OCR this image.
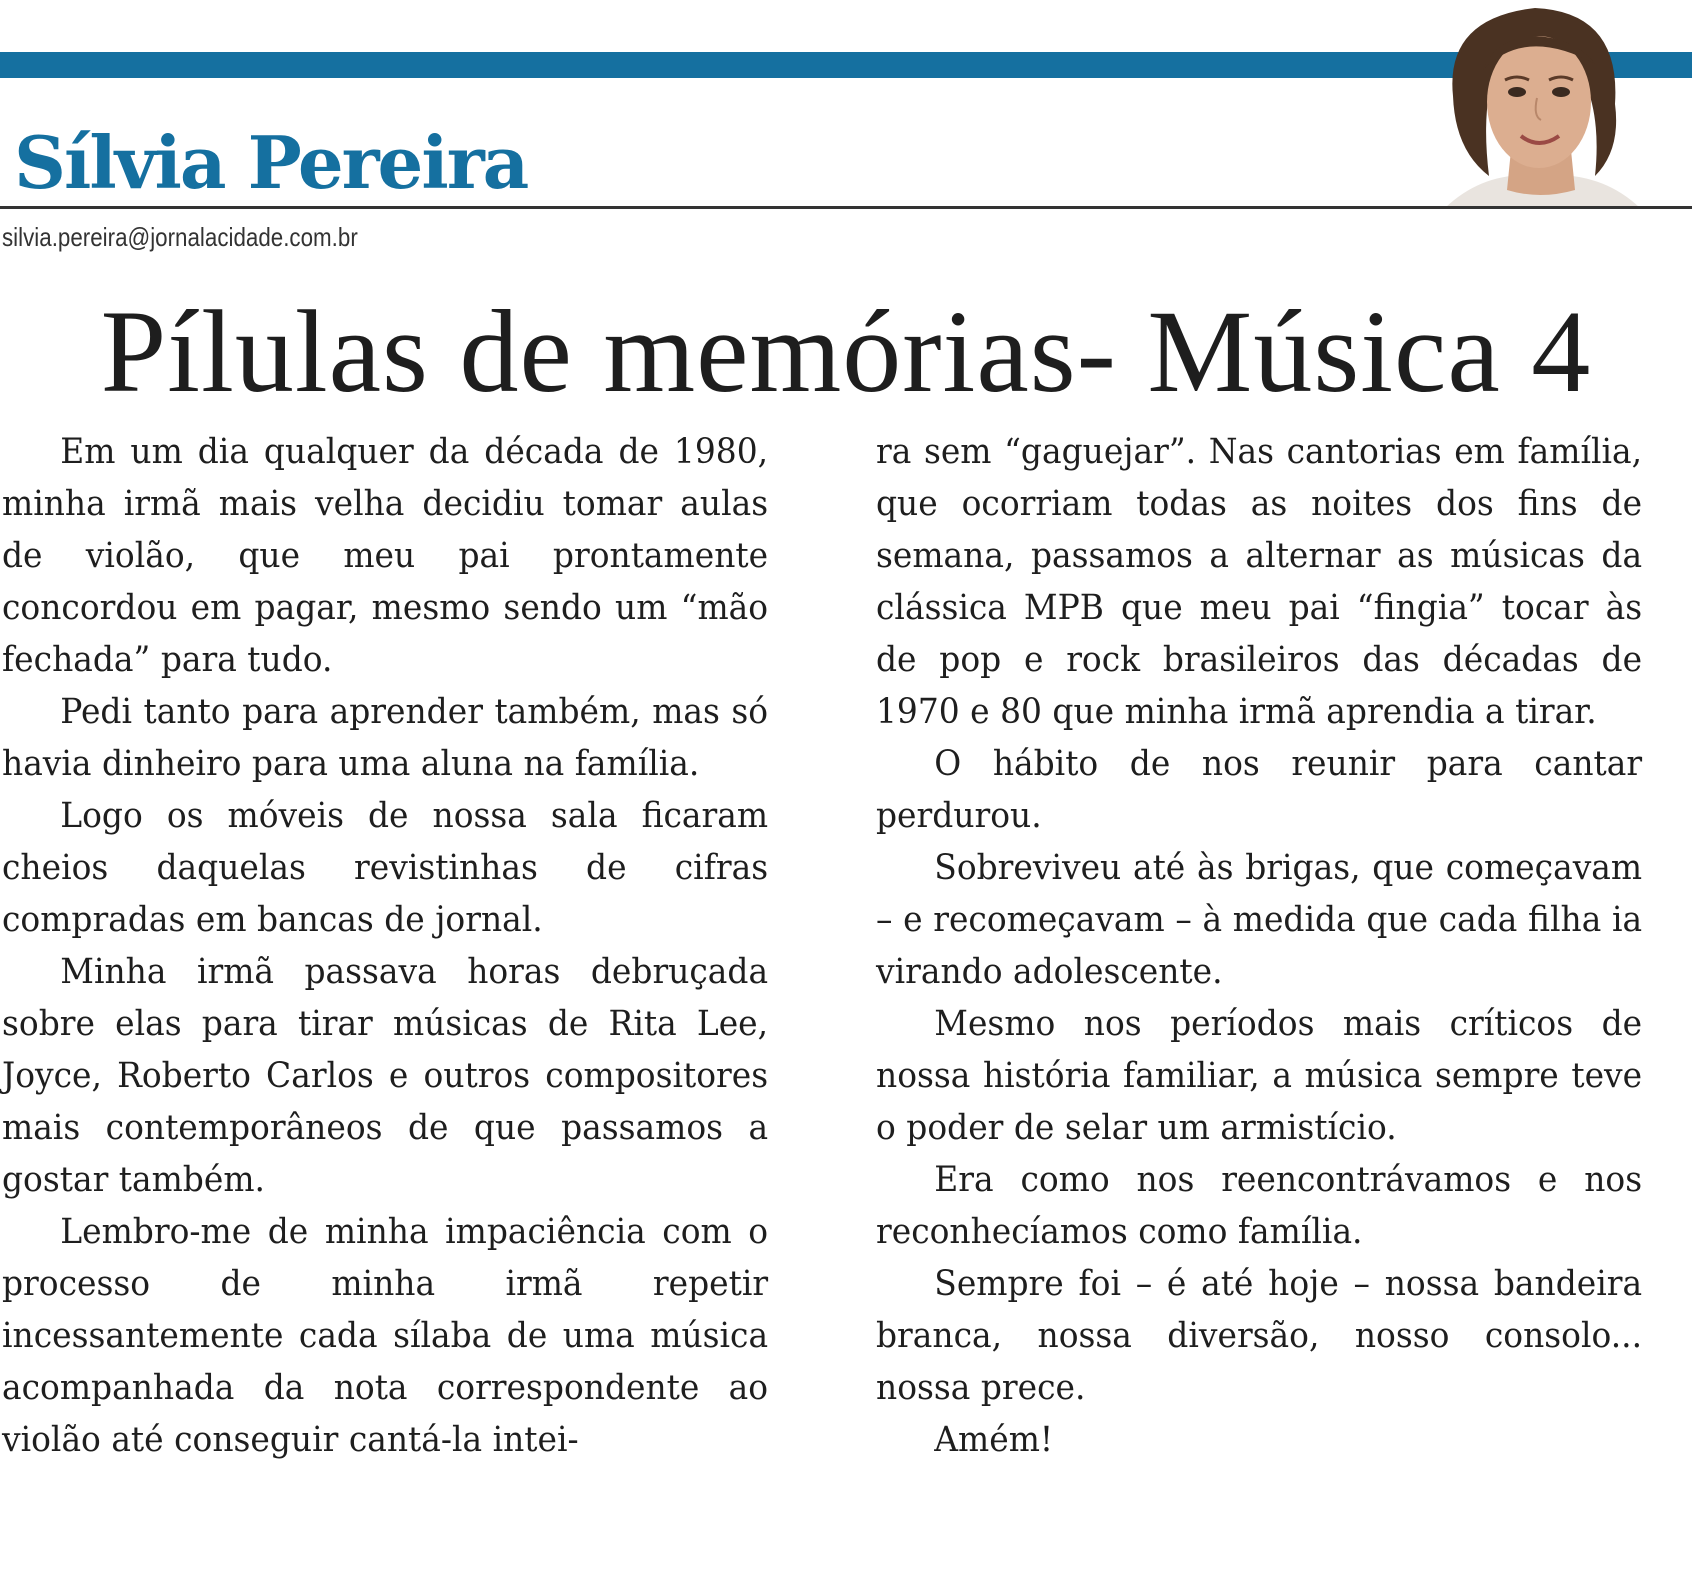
Sílvia Pereira
silvia.pereira@jornalacidade.com.br
Pílulas de memórias- Música 4

Em um dia qualquer da década de 1980, minha irmã mais velha decidiu tomar aulas de violão, que meu pai prontamente concordou em pagar, mesmo sendo um “mão fechada” para tudo.

Pedi tanto para aprender também, mas só havia dinheiro para uma aluna na família.

Logo os móveis de nossa sala ficaram cheios daquelas revistinhas de cifras compradas em bancas de jornal.

Minha irmã passava horas debruçada sobre elas para tirar músicas de Rita Lee, Joyce, Roberto Carlos e outros compositores mais contemporâneos de que passamos a gostar também.

Lembro-me de minha impaciência com o processo de minha irmã repetir incessantemente cada sílaba de uma música acompanhada da nota correspondente ao violão até conseguir cantá-la intei-

ra sem “gaguejar”. Nas cantorias em família, que ocorriam todas as noites dos fins de semana, passamos a alternar as músicas da clássica MPB que meu pai “fingia” tocar às de pop e rock brasileiros das décadas de 1970 e 80 que minha irmã aprendia a tirar.

O hábito de nos reunir para cantar perdurou.

Sobreviveu até às brigas, que começavam – e recomeçavam – à medida que cada filha ia virando adolescente.

Mesmo nos períodos mais críticos de nossa história familiar, a música sempre teve o poder de selar um armistício.

Era como nos reencontrávamos e nos reconhecíamos como família.

Sempre foi – é até hoje – nossa bandeira branca, nossa diversão, nosso consolo... nossa prece.

Amém!
